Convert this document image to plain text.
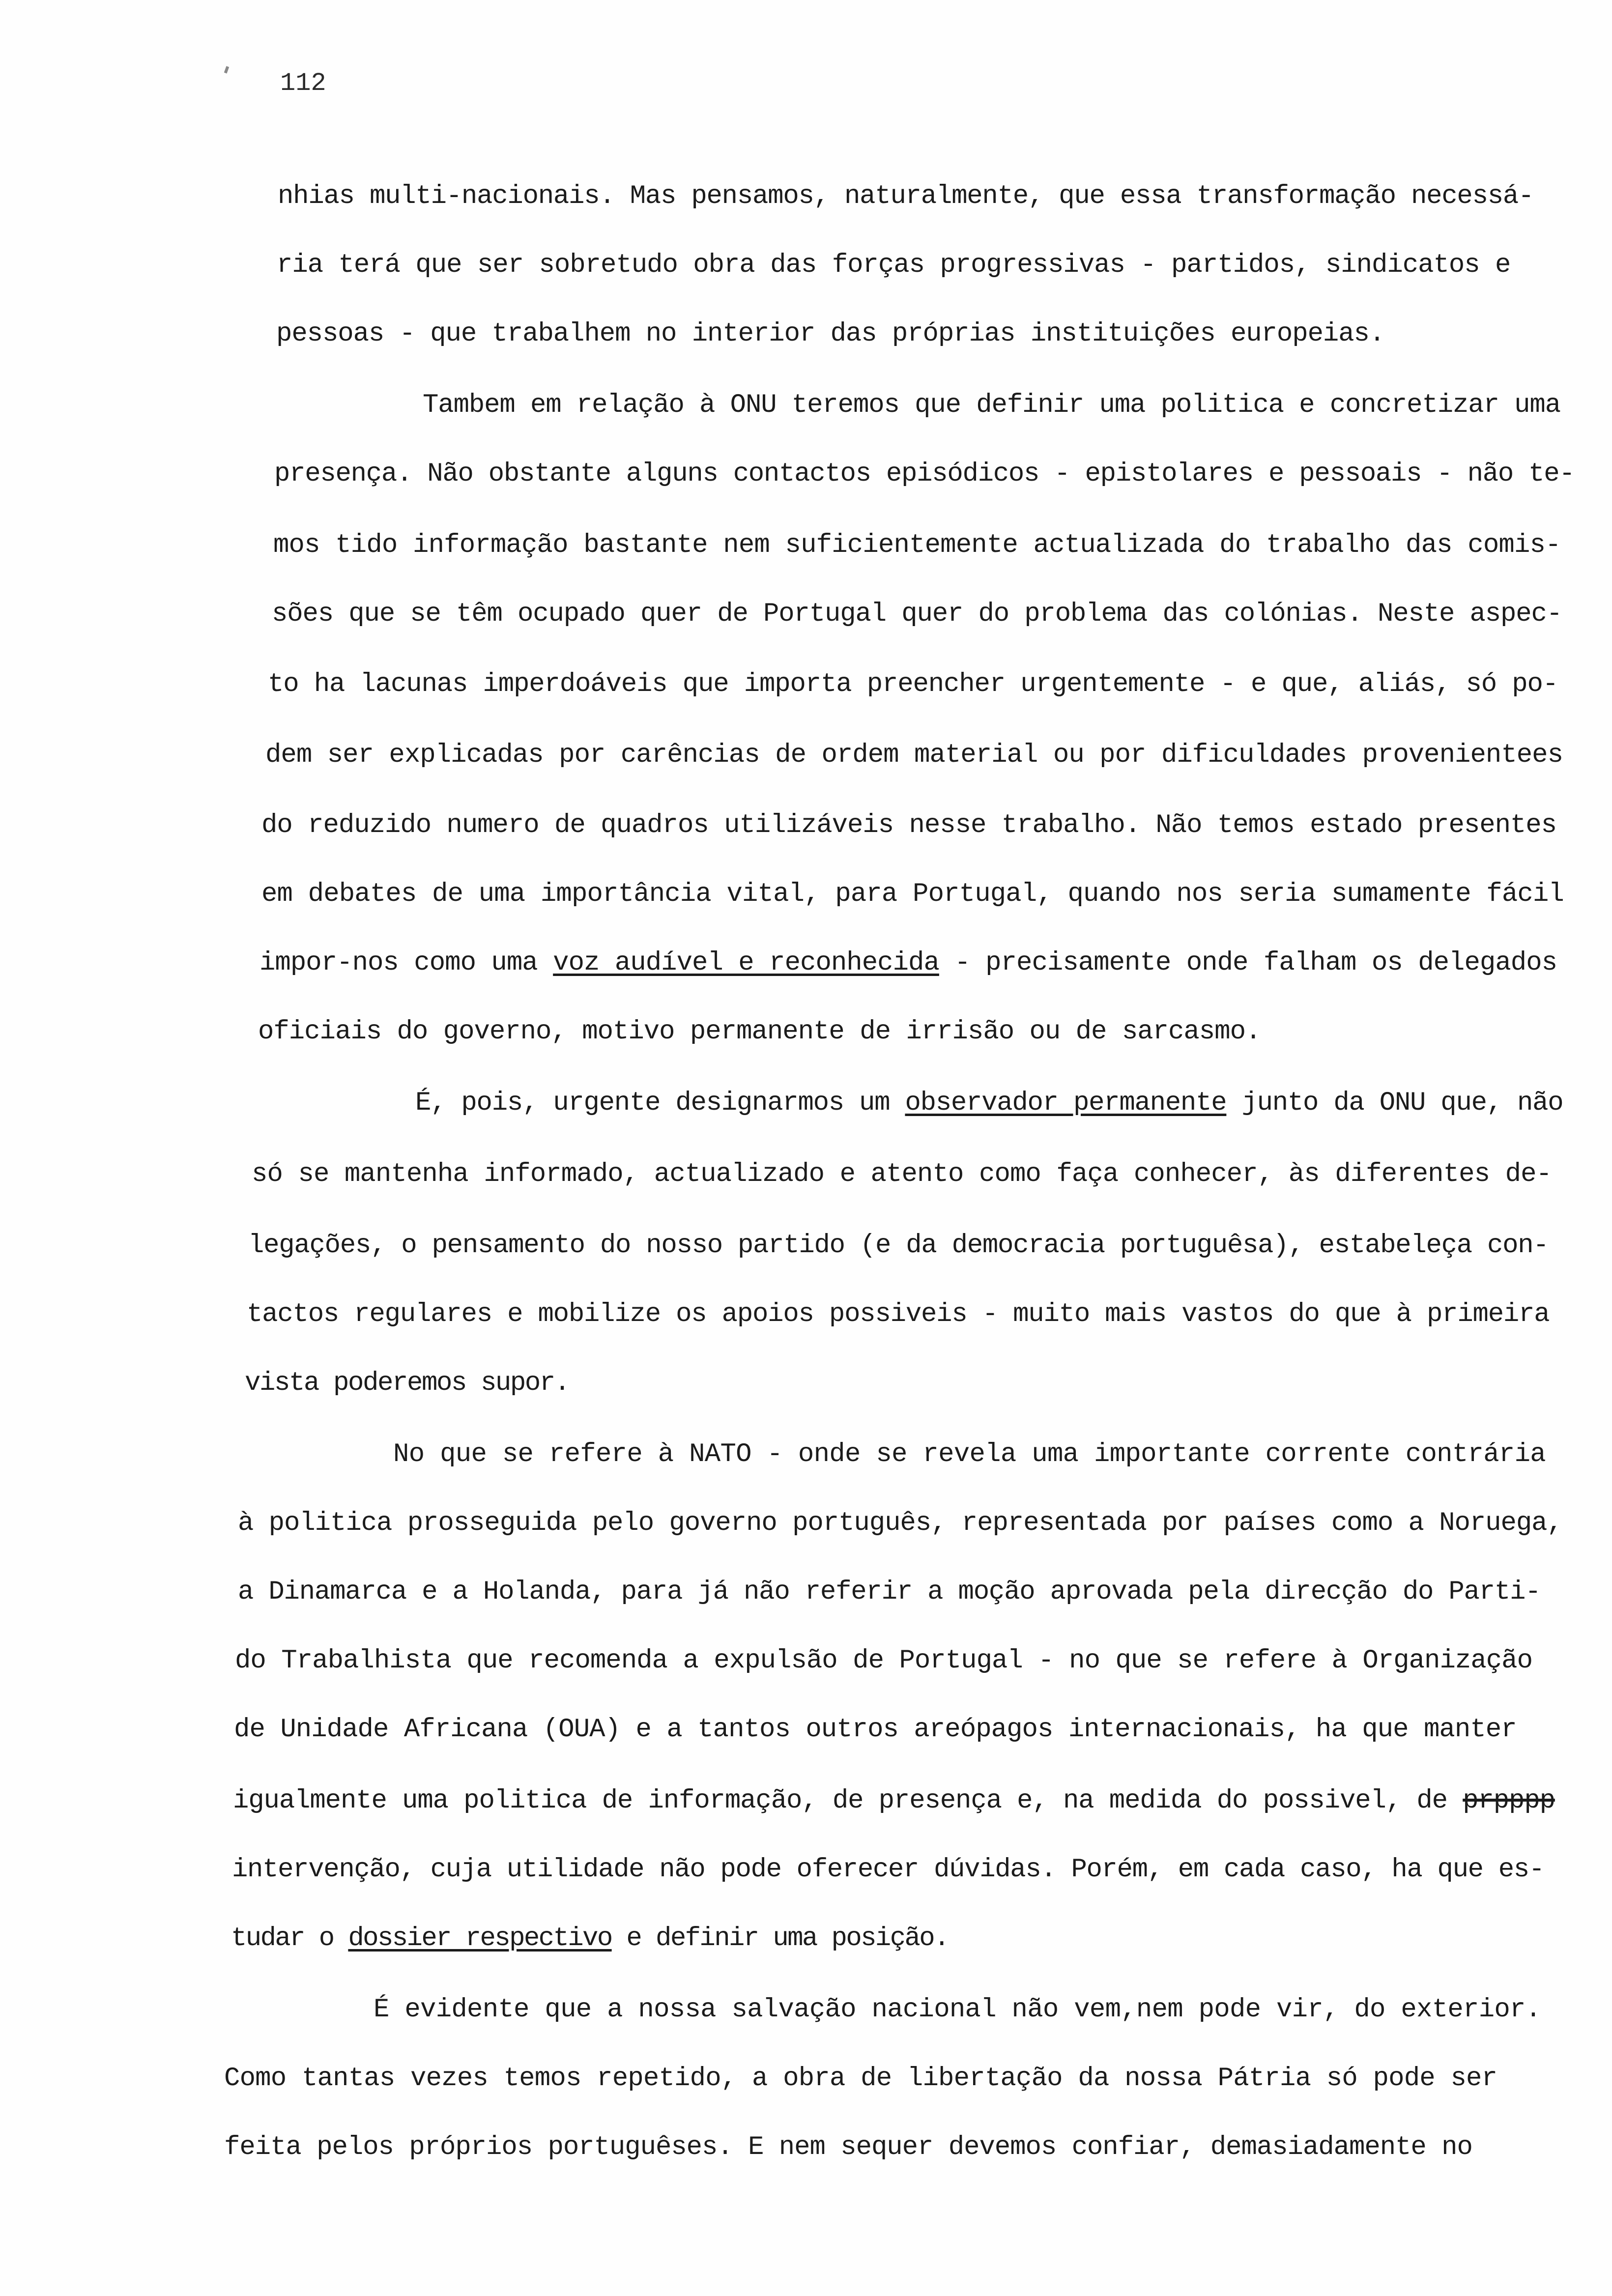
112
nhias multi-nacionais. Mas pensamos, naturalmente, que essa transformação necessá-
ria terá que ser sobretudo obra das forças progressivas - partidos, sindicatos e
pessoas - que trabalhem no interior das próprias instituições europeias.
Tambem em relação à ONU teremos que definir uma politica e concretizar uma
presença. Não obstante alguns contactos episódicos - epistolares e pessoais - não te-
mos tido informação bastante nem suficientemente actualizada do trabalho das comis-
sões que se têm ocupado quer de Portugal quer do problema das colónias. Neste aspec-
to ha lacunas imperdoáveis que importa preencher urgentemente - e que, aliás, só po-
dem ser explicadas por carências de ordem material ou por dificuldades provenientees
do reduzido numero de quadros utilizáveis nesse trabalho. Não temos estado presentes
em debates de uma importância vital, para Portugal, quando nos seria sumamente fácil
impor-nos como uma voz audível e reconhecida - precisamente onde falham os delegados
oficiais do governo, motivo permanente de irrisão ou de sarcasmo.
É, pois, urgente designarmos um observador permanente junto da ONU que, não
só se mantenha informado, actualizado e atento como faça conhecer, às diferentes de-
legações, o pensamento do nosso partido (e da democracia portuguêsa), estabeleça con-
tactos regulares e mobilize os apoios possiveis - muito mais vastos do que à primeira
vista poderemos supor.
No que se refere à NATO - onde se revela uma importante corrente contrária
à politica prosseguida pelo governo português, representada por países como a Noruega,
a Dinamarca e a Holanda, para já não referir a moção aprovada pela direcção do Parti-
do Trabalhista que recomenda a expulsão de Portugal - no que se refere à Organização
de Unidade Africana (OUA) e a tantos outros areópagos internacionais, ha que manter
igualmente uma politica de informação, de presença e, na medida do possivel, de prpppp
intervenção, cuja utilidade não pode oferecer dúvidas. Porém, em cada caso, ha que es-
tudar o dossier respectivo e definir uma posição.
É evidente que a nossa salvação nacional não vem,nem pode vir, do exterior.
Como tantas vezes temos repetido, a obra de libertação da nossa Pátria só pode ser
feita pelos próprios portuguêses. E nem sequer devemos confiar, demasiadamente no
